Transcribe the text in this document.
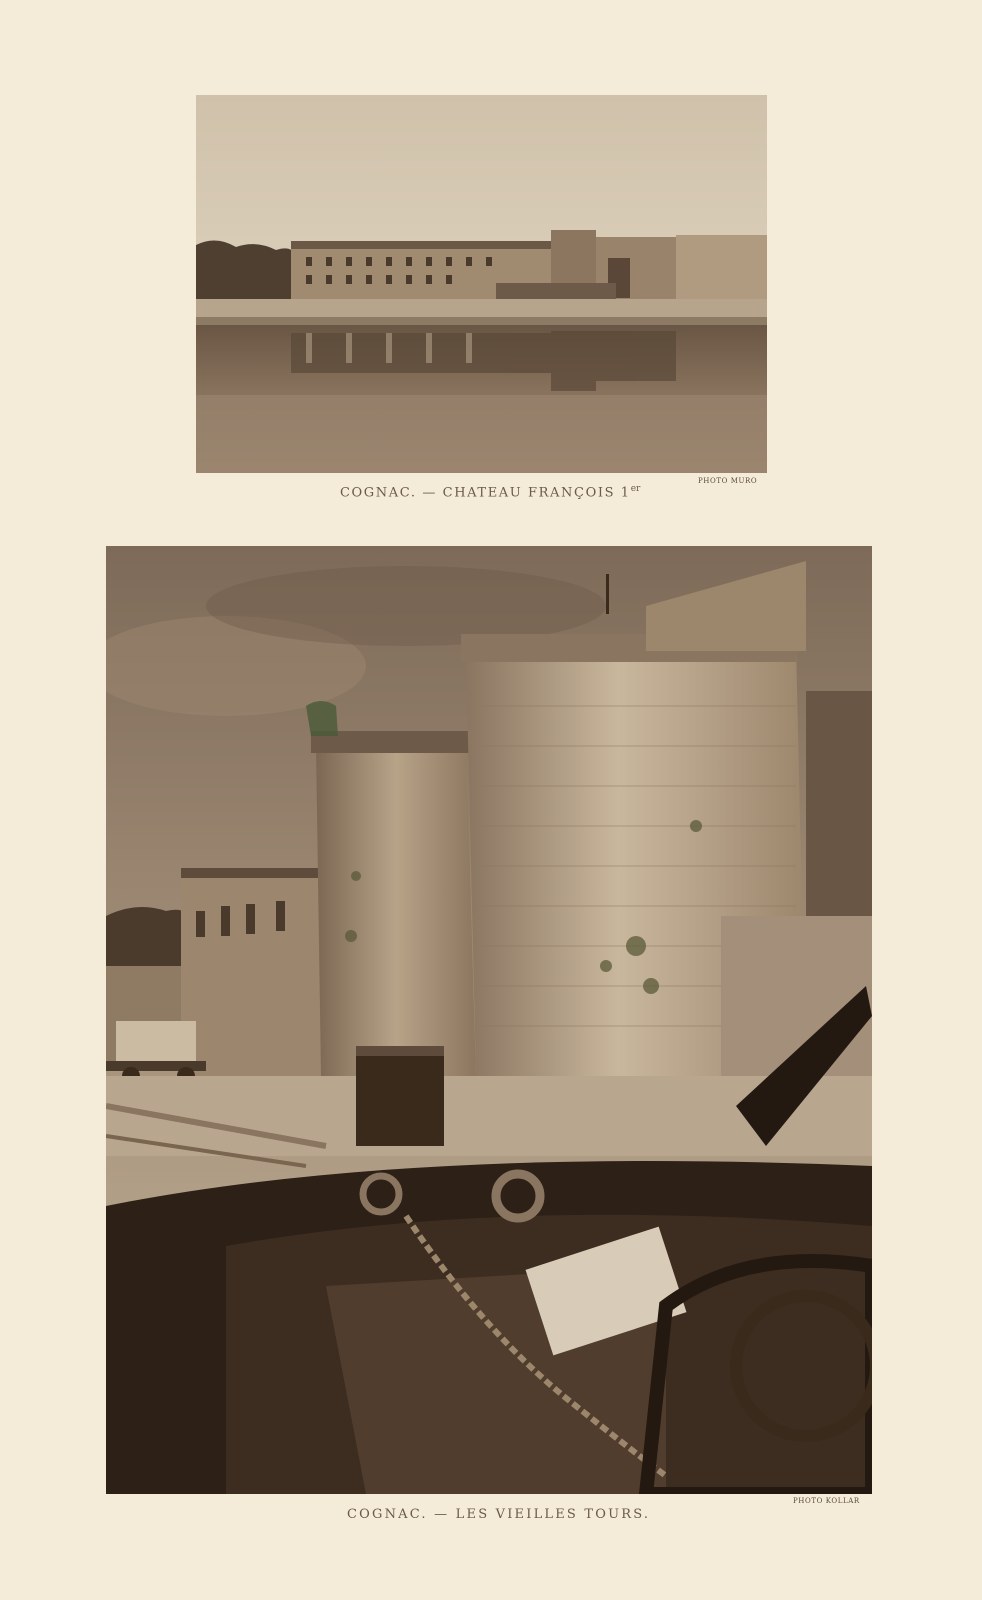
COGNAC. — CHATEAU FRANÇOIS 1er
PHOTO MURO
COGNAC. — LES VIEILLES TOURS.
PHOTO KOLLAR
